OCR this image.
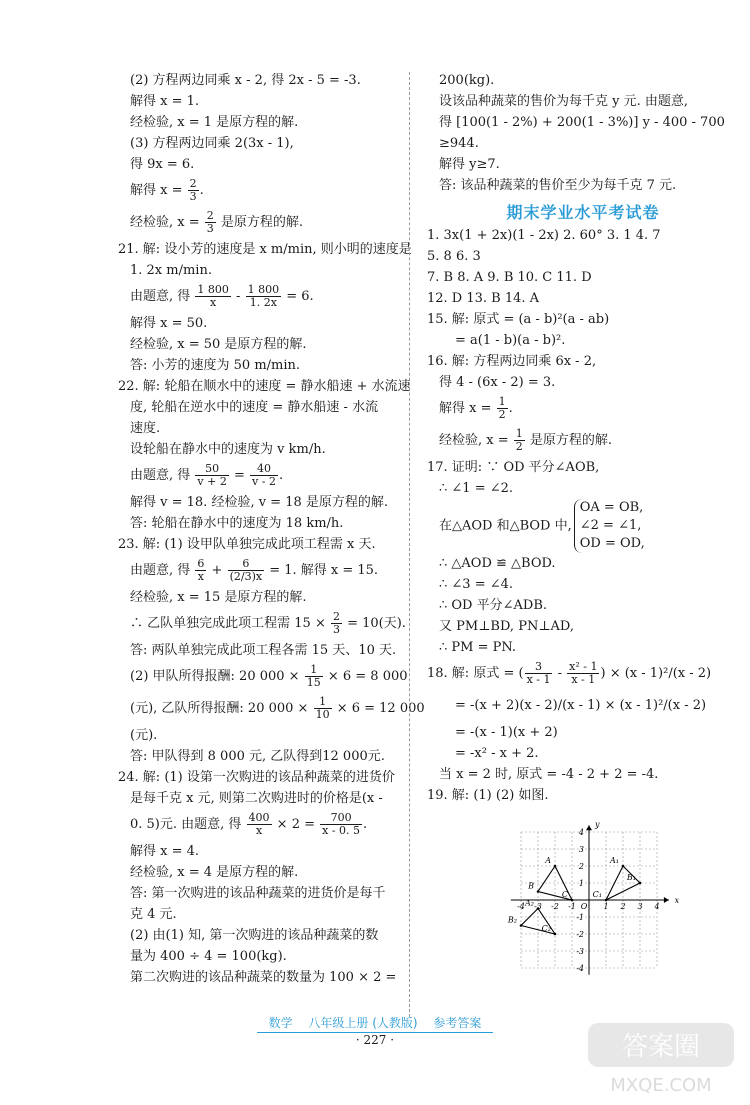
(2) 方程两边同乘 x - 2, 得 2x - 5 = -3.
解得 x = 1.
经检验, x = 1 是原方程的解.
(3) 方程两边同乘 2(3x - 1),
得 9x = 6.
解得 $x = \frac{2}{3}$ .
经检验, $x = \frac{2}{3}$ 是原方程的解.
21. 解: 设小芳的速度是 x m/min, 则小明的速度是
1. 2x m/min.
由题意, 得 $\frac{1 800}{x} - \frac{1 800}{1. 2x} = 6$.
解得 x = 50.
经检验, x = 50 是原方程的解.
答: 小芳的速度为 50 m/min.
22. 解: 轮船在顺水中的速度 = 静水船速 + 水流速
度, 轮船在逆水中的速度 = 静水船速 - 水流
速度.
设轮船在静水中的速度为 v km/h.
由题意, 得 $\frac{50}{v + 2} = \frac{40}{v - 2}$ .
解得 v = 18. 经检验, v = 18 是原方程的解.
答: 轮船在静水中的速度为 18 km/h.
23. 解: (1) 设甲队单独完成此项工程需 x 天.
由题意, 得 $\frac{6}{x} + \frac{6}{(2/3)x} = 1$. 解得 x = 15.
经检验, x = 15 是原方程的解.
∴ 乙队单独完成此项工程需 $15 \times \frac{2}{3} = 10$(天).
答: 两队单独完成此项工程各需 15 天、10 天.
(2) 甲队所得报酬: 20 $000 \times \frac{1}{15} \times 6 = 8$ 000
(元), 乙队所得报酬: 20 $000 \times \frac{1}{10} \times 6 = 12$ 000
(元).
答: 甲队得到 8 000 元, 乙队得到12 000元.
24. 解: (1) 设第一次购进的该品种蔬菜的进货价
是每千克 x 元, 则第二次购进时的价格是(x -
0. 5)元. 由题意, 得 $\frac{400}{x} \times 2 = \frac{700}{x - 0. 5}$ .
解得 x = 4.
经检验, x = 4 是原方程的解.
答: 第一次购进的该品种蔬菜的进货价是每千
克 4 元.
(2) 由(1) 知, 第一次购进的该品种蔬菜的数
量为 400 ÷ 4 = 100(kg).
第二次购进的该品种蔬菜的数量为 100 × 2 =
200(kg).
设该品种蔬菜的售价为每千克 y 元. 由题意,
得 [100(1 - 2%) + 200(1 - 3%)] y - 400 - 700
≥944.
解得 y≥7.
答: 该品种蔬菜的售价至少为每千克 7 元.
期末学业水平考试卷
1. 3x(1 + 2x)(1 - 2x) 2. 60° 3. 1 4. 7
5. 8 6. 3
7. B 8. A 9. B 10. C 11. D
12. D 13. B 14. A
15. 解: 原式 = (a - b)²(a - ab)
= a(1 - b)(a - b)².
16. 解: 方程两边同乘 6x - 2,
得 4 - (6x - 2) = 3.
解得 $x = \frac{1}{2}$ .
经检验, $x = \frac{1}{2}$ 是原方程的解.
17. 证明: ∵ OD 平分∠AOB,
∴ ∠1 = ∠2.
在△AOD 和△BOD 中,
OA = OB,
∠2 = ∠1,
OD = OD,
∴ △AOD ≌ △BOD.
∴ ∠3 = ∠4.
∴ OD 平分∠ADB.
又 PM⊥BD, PN⊥AD,
∴ PM = PN.
18. 解: 原式 = ( $\frac{3}{x - 1} - \frac{\text{x² - 1}}{x - 1}$ ) × (x - 1)²/(x - 2)
= -(x + 2)(x - 2)/(x - 1) × (x - 1)²/(x - 2)
= -(x - 1)(x + 2)
= -x² - x + 2.
当 x = 2 时, 原式 = -4 - 2 + 2 = -4.
19. 解: (1) (2) 如图.
x
y
O
-4 -3 -2 -1	1 2 3 4
4
3
2
1
-1
-2
-3
-4
A
B
C
A₁
B₁
C₁
A₂
B₂
C₂
数学 八年级上册 (人教版) 参考答案
· 227 ·	答案圈
MXQE.COM
